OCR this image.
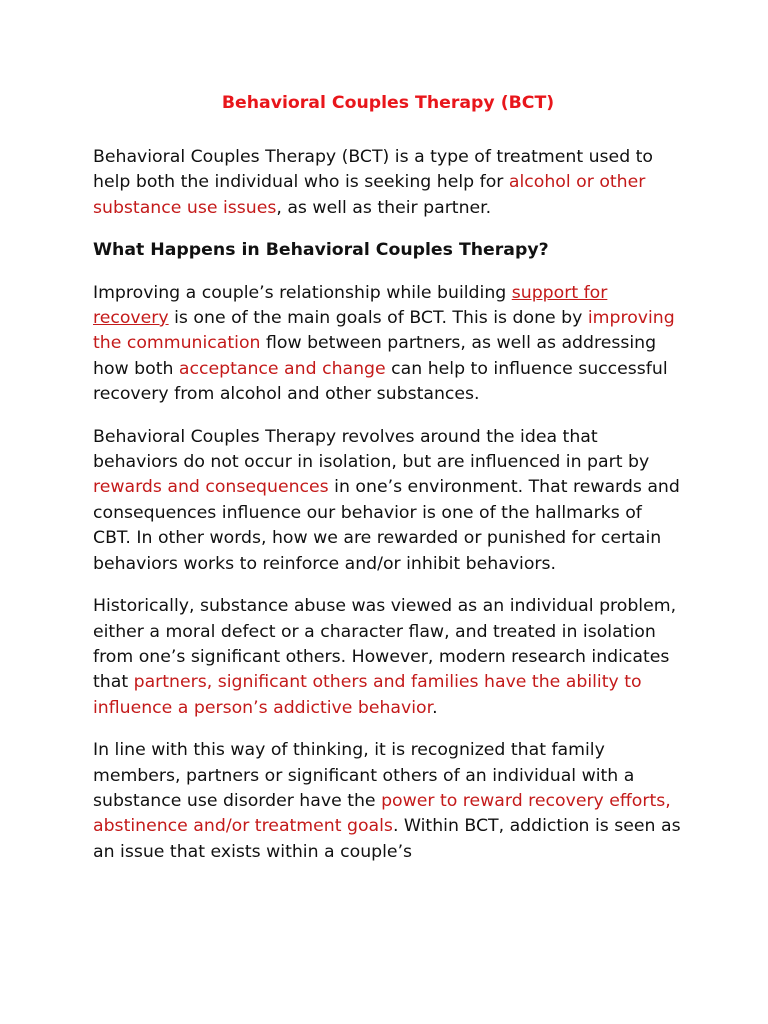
Behavioral Couples Therapy (BCT)

Behavioral Couples Therapy (BCT) is a type of treatment used to help both the individual who is seeking help for alcohol or other substance use issues, as well as their partner.

What Happens in Behavioral Couples Therapy?

Improving a couple’s relationship while building support for recovery is one of the main goals of BCT. This is done by improving the communication flow between partners, as well as addressing how both acceptance and change can help to influence successful recovery from alcohol and other substances.

Behavioral Couples Therapy revolves around the idea that behaviors do not occur in isolation, but are influenced in part by rewards and consequences in one’s environment. That rewards and consequences influence our behavior is one of the hallmarks of CBT. In other words, how we are rewarded or punished for certain behaviors works to reinforce and/or inhibit behaviors.

Historically, substance abuse was viewed as an individual problem, either a moral defect or a character flaw, and treated in isolation from one’s significant others. However, modern research indicates that partners, significant others and families have the ability to influence a person’s addictive behavior.

In line with this way of thinking, it is recognized that family members, partners or significant others of an individual with a substance use disorder have the power to reward recovery efforts, abstinence and/or treatment goals. Within BCT, addiction is seen as an issue that exists within a couple’s
